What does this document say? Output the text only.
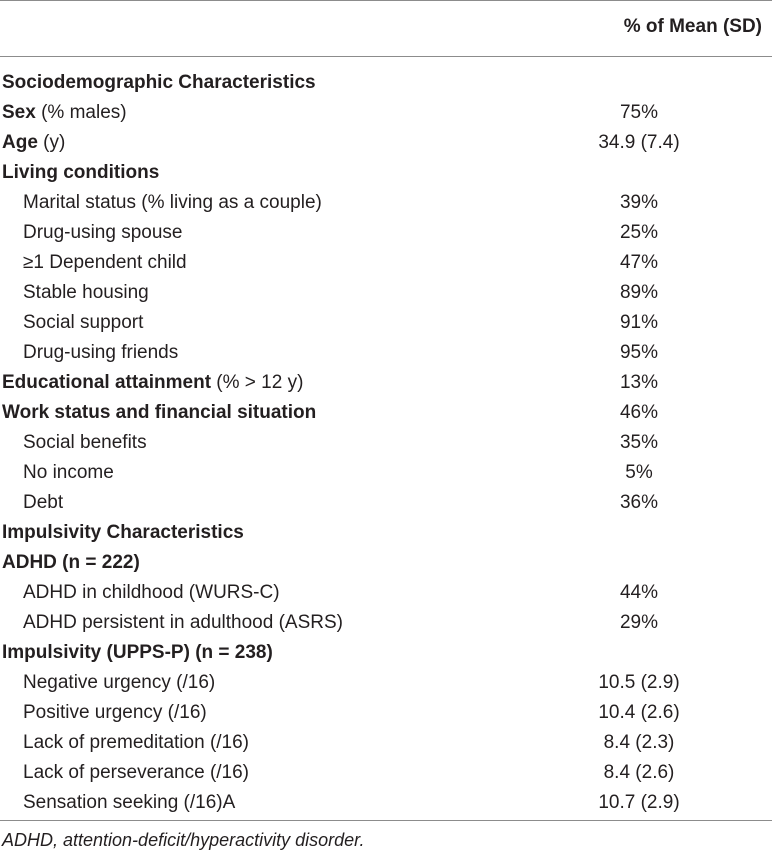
% of Mean (SD)
Sociodemographic Characteristics
Sex (% males)	75%
Age (y)	34.9 (7.4)
Living conditions
Marital status (% living as a couple)	39%
Drug-using spouse	25%
≥1 Dependent child	47%
Stable housing	89%
Social support	91%
Drug-using friends	95%
Educational attainment (% > 12 y)	13%
Work status and financial situation	46%
Social benefits	35%
No income	5%
Debt	36%
Impulsivity Characteristics
ADHD (n = 222)
ADHD in childhood (WURS-C)	44%
ADHD persistent in adulthood (ASRS)	29%
Impulsivity (UPPS-P) (n = 238)
Negative urgency (/16)	10.5 (2.9)
Positive urgency (/16)	10.4 (2.6)
Lack of premeditation (/16)	8.4 (2.3)
Lack of perseverance (/16)	8.4 (2.6)
Sensation seeking (/16)A	10.7 (2.9)
ADHD, attention-deficit/hyperactivity disorder.
